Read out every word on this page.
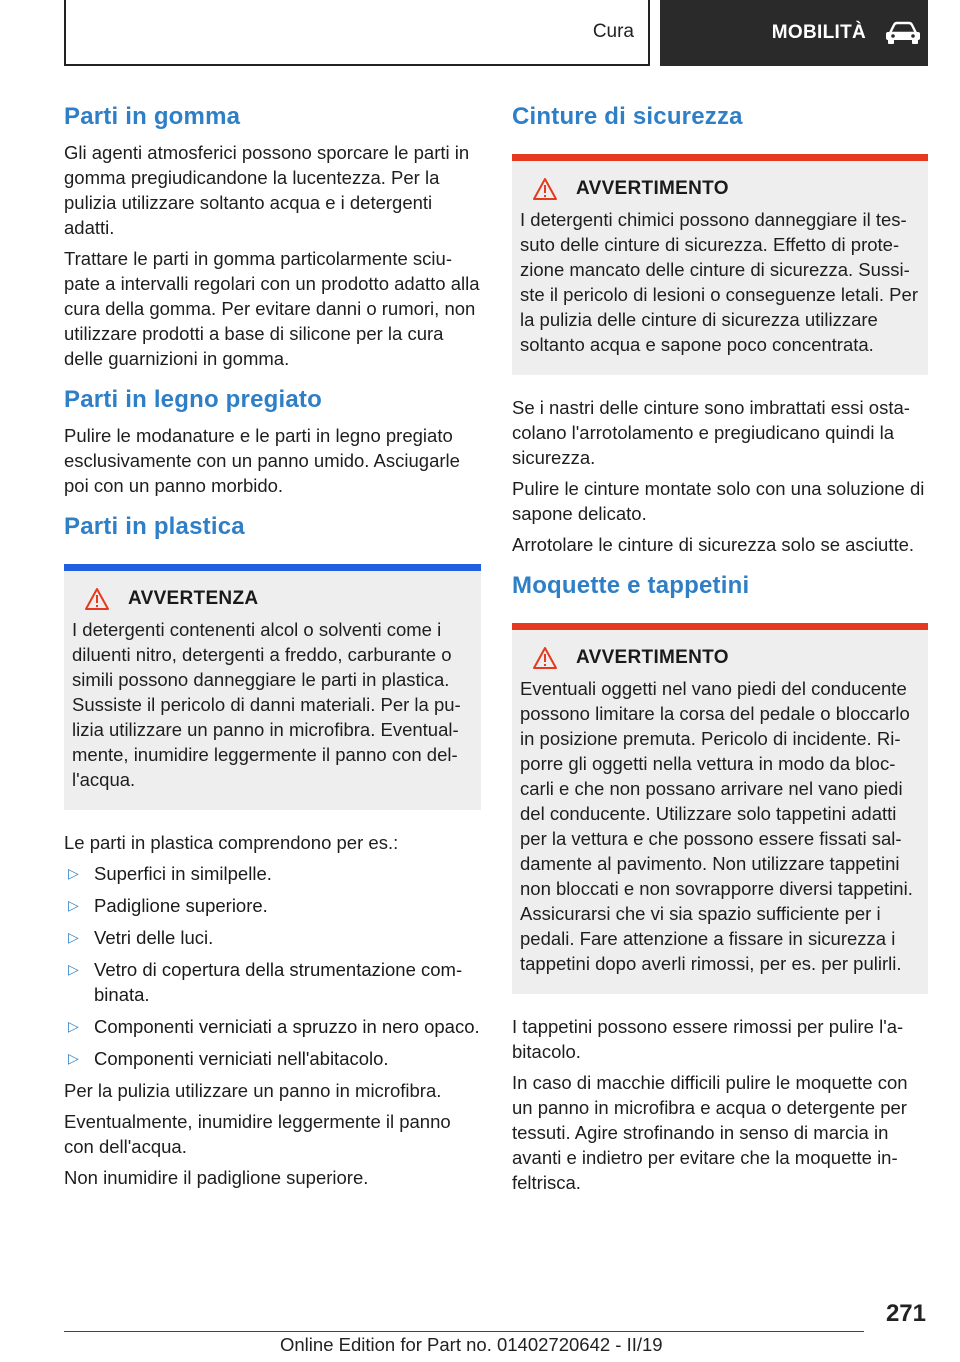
Cura	MOBILITÀ
Parti in gomma

Gli agenti atmosferici possono sporcare le parti in gomma pregiudicandone la lucentezza. Per la pulizia utilizzare soltanto acqua e i detergenti adatti.

Trattare le parti in gomma particolarmente sciupate a intervalli regolari con un prodotto adatto alla cura della gomma. Per evitare danni o rumori, non utilizzare prodotti a base di silicone per la cura delle guarnizioni in gomma.

Parti in legno pregiato

Pulire le modanature e le parti in legno pregiato esclusivamente con un panno umido. Asciugarle poi con un panno morbido.

Parti in plastica
AVVERTENZA

I detergenti contenenti alcol o solventi come i diluenti nitro, detergenti a freddo, carburante o simili possono danneggiare le parti in plastica. Sussiste il pericolo di danni materiali. Per la pulizia utilizzare un panno in microfibra. Eventualmente, inumidire leggermente il panno con dell'acqua.

Le parti in plastica comprendono per es.:

▷ Superfici in similpelle.
▷ Padiglione superiore.
▷ Vetri delle luci.
▷ Vetro di copertura della strumentazione combinata.
▷ Componenti verniciati a spruzzo in nero opaco.
▷ Componenti verniciati nell'abitacolo.

Per la pulizia utilizzare un panno in microfibra.

Eventualmente, inumidire leggermente il panno con dell'acqua.

Non inumidire il padiglione superiore.

Cinture di sicurezza
AVVERTIMENTO

I detergenti chimici possono danneggiare il tessuto delle cinture di sicurezza. Effetto di protezione mancato delle cinture di sicurezza. Sussiste il pericolo di lesioni o conseguenze letali. Per la pulizia delle cinture di sicurezza utilizzare soltanto acqua e sapone poco concentrata.

Se i nastri delle cinture sono imbrattati essi ostacolano l'arrotolamento e pregiudicano quindi la sicurezza.

Pulire le cinture montate solo con una soluzione di sapone delicato.

Arrotolare le cinture di sicurezza solo se asciutte.

Moquette e tappetini
AVVERTIMENTO

Eventuali oggetti nel vano piedi del conducente possono limitare la corsa del pedale o bloccarlo in posizione premuta. Pericolo di incidente. Riporre gli oggetti nella vettura in modo da bloccarli e che non possano arrivare nel vano piedi del conducente. Utilizzare solo tappetini adatti per la vettura e che possono essere fissati saldamente al pavimento. Non utilizzare tappetini non bloccati e non sovrapporre diversi tappetini. Assicurarsi che vi sia spazio sufficiente per i pedali. Fare attenzione a fissare in sicurezza i tappetini dopo averli rimossi, per es. per pulirli.

I tappetini possono essere rimossi per pulire l'abitacolo.

In caso di macchie difficili pulire le moquette con un panno in microfibra e acqua o detergente per tessuti. Agire strofinando in senso di marcia in avanti e indietro per evitare che la moquette infeltrisca.

271
Online Edition for Part no. 01402720642 - II/19
